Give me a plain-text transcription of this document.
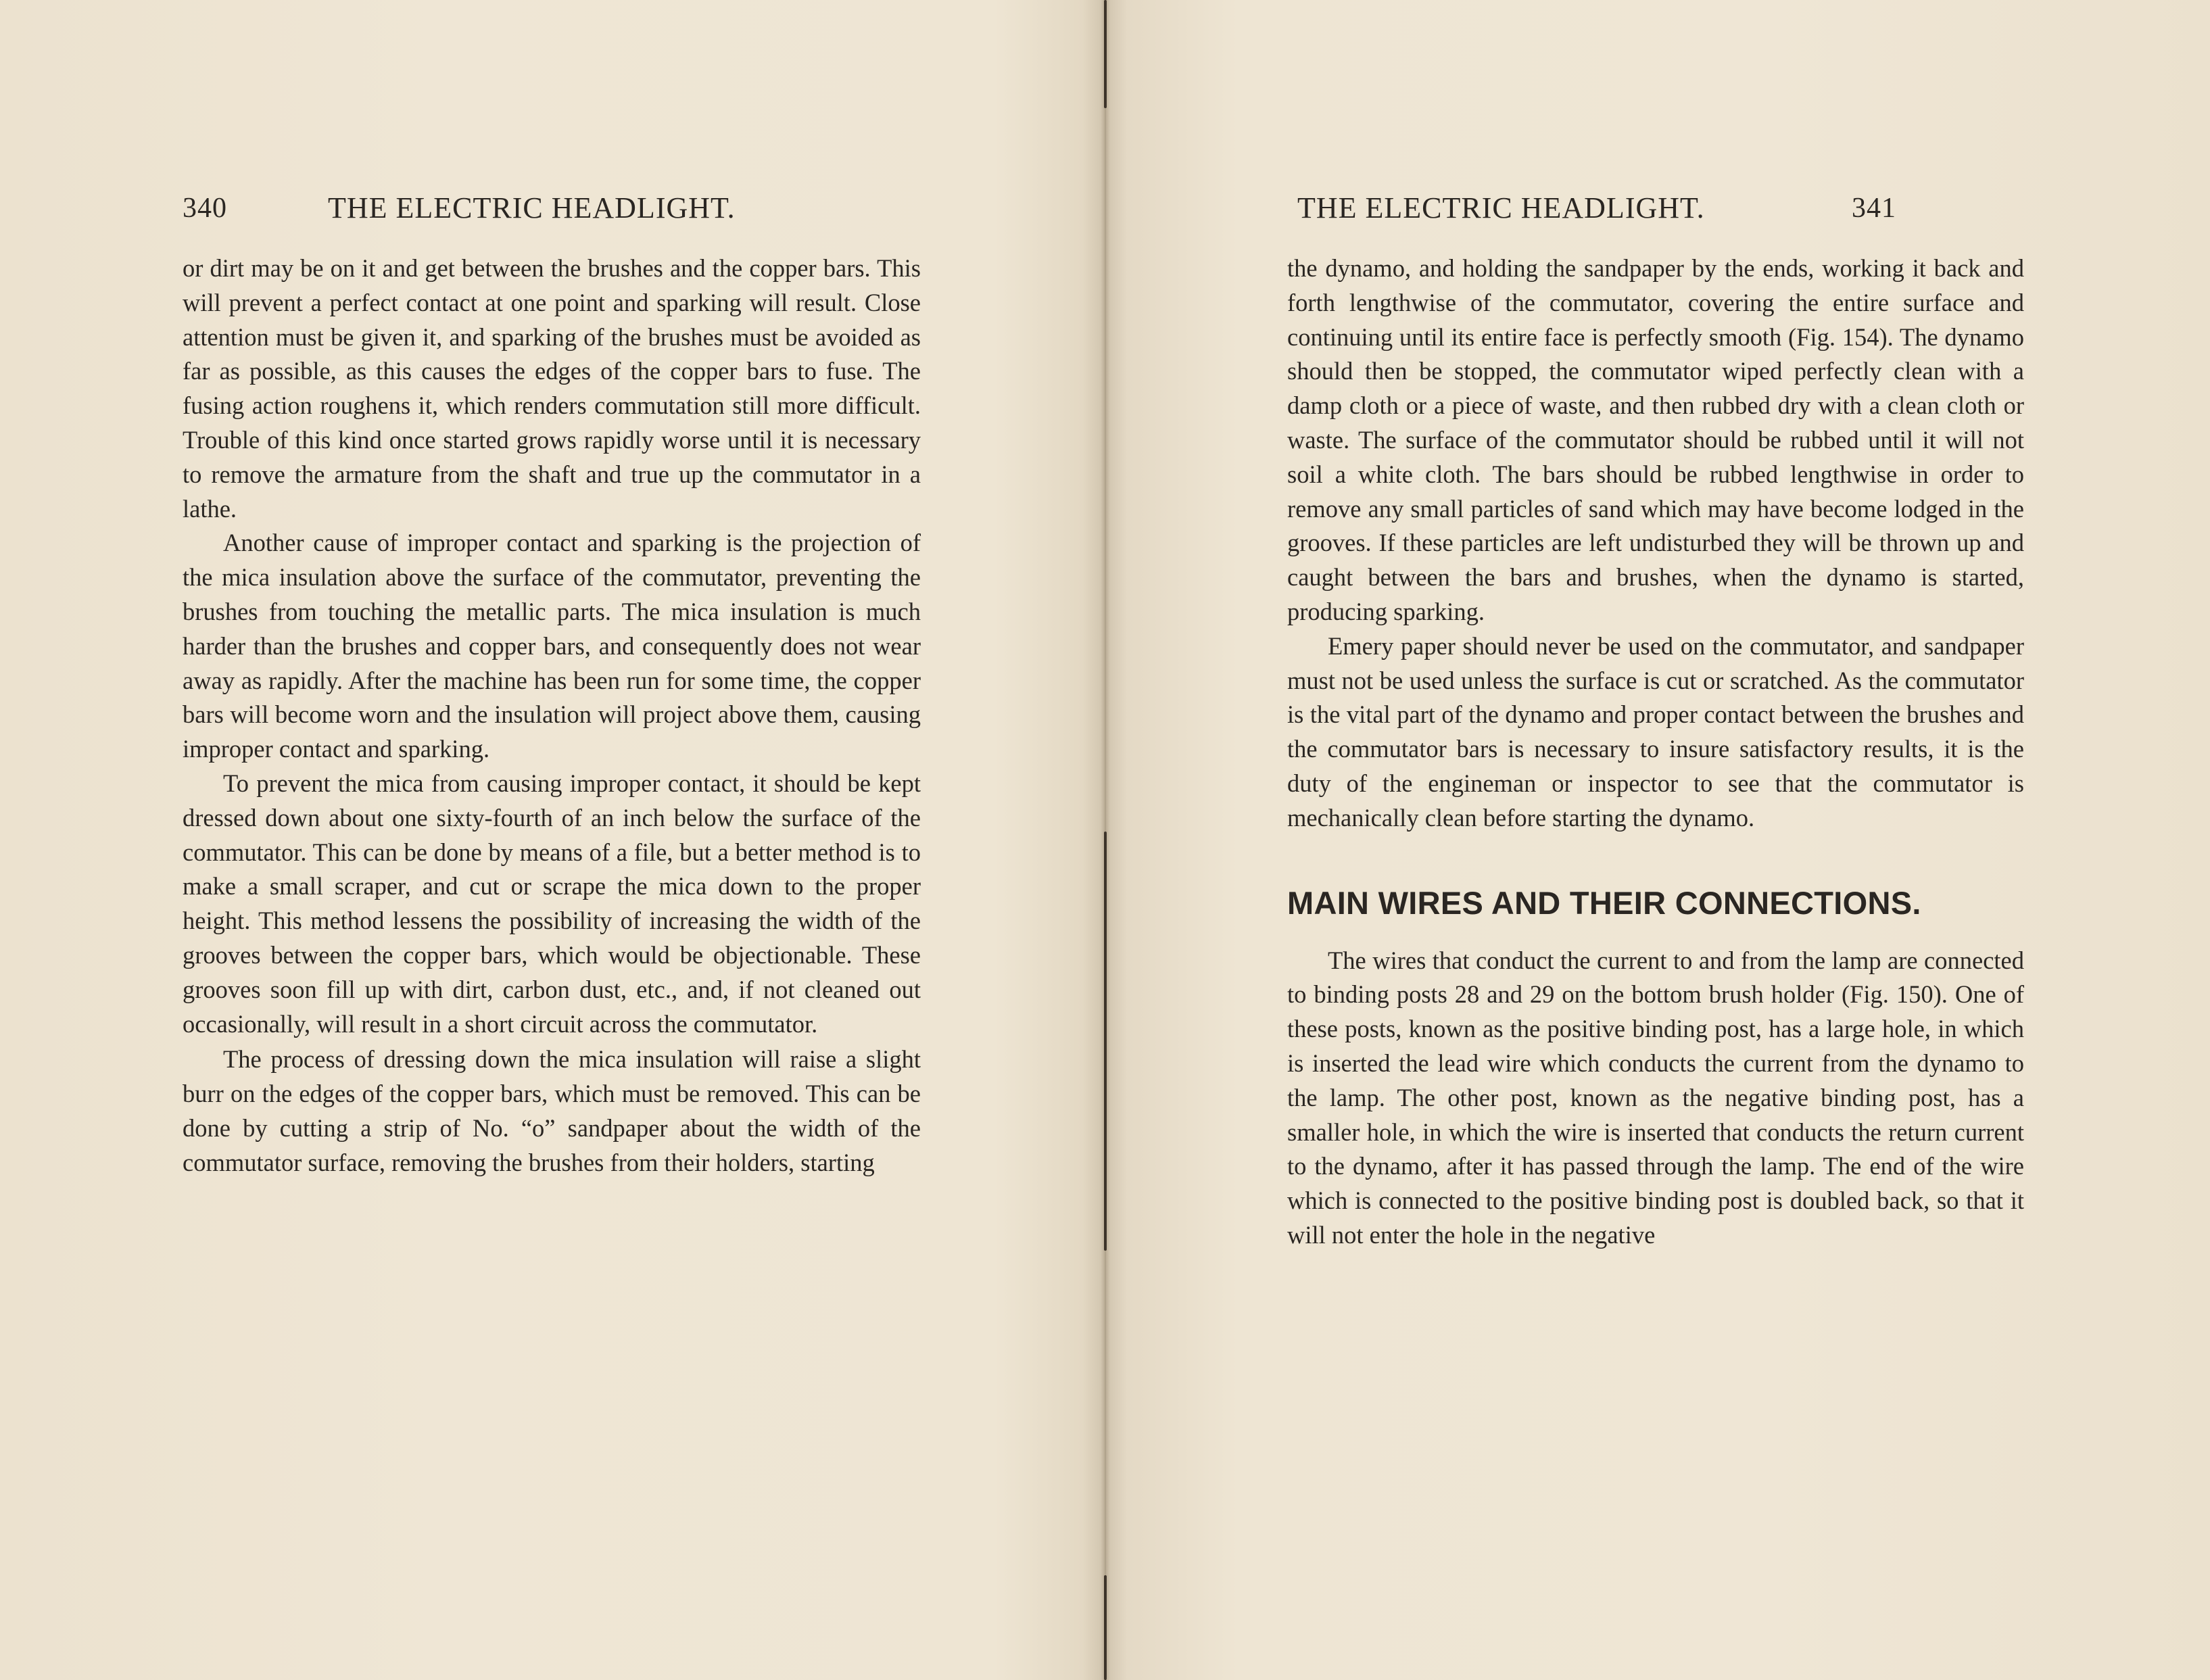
340	THE ELECTRIC HEADLIGHT.

or dirt may be on it and get between the brushes and the copper bars. This will prevent a perfect contact at one point and sparking will result. Close attention must be given it, and sparking of the brushes must be avoided as far as possible, as this causes the edges of the copper bars to fuse. The fusing action roughens it, which renders commutation still more difficult. Trouble of this kind once started grows rapidly worse until it is necessary to remove the armature from the shaft and true up the commutator in a lathe.

Another cause of improper contact and sparking is the projection of the mica insulation above the surface of the commutator, preventing the brushes from touching the metallic parts. The mica insulation is much harder than the brushes and copper bars, and consequently does not wear away as rapidly. After the machine has been run for some time, the copper bars will become worn and the insulation will project above them, causing improper contact and sparking.

To prevent the mica from causing improper contact, it should be kept dressed down about one sixty-fourth of an inch below the surface of the commutator. This can be done by means of a file, but a better method is to make a small scraper, and cut or scrape the mica down to the proper height. This method lessens the possibility of increasing the width of the grooves between the copper bars, which would be objectionable. These grooves soon fill up with dirt, carbon dust, etc., and, if not cleaned out occasionally, will result in a short circuit across the commutator.

The process of dressing down the mica insulation will raise a slight burr on the edges of the copper bars, which must be removed. This can be done by cutting a strip of No. “o” sandpaper about the width of the commutator surface, removing the brushes from their holders, starting

THE ELECTRIC HEADLIGHT.	341

the dynamo, and holding the sandpaper by the ends, working it back and forth lengthwise of the commutator, covering the entire surface and continuing until its entire face is perfectly smooth (Fig. 154). The dynamo should then be stopped, the commutator wiped perfectly clean with a damp cloth or a piece of waste, and then rubbed dry with a clean cloth or waste. The surface of the commutator should be rubbed until it will not soil a white cloth. The bars should be rubbed lengthwise in order to remove any small particles of sand which may have become lodged in the grooves. If these particles are left undisturbed they will be thrown up and caught between the bars and brushes, when the dynamo is started, producing sparking.

Emery paper should never be used on the commutator, and sandpaper must not be used unless the surface is cut or scratched. As the commutator is the vital part of the dynamo and proper contact between the brushes and the commutator bars is necessary to insure satisfactory results, it is the duty of the engineman or inspector to see that the commutator is mechanically clean before starting the dynamo.

MAIN WIRES AND THEIR CONNECTIONS.

The wires that conduct the current to and from the lamp are connected to binding posts 28 and 29 on the bottom brush holder (Fig. 150). One of these posts, known as the positive binding post, has a large hole, in which is inserted the lead wire which conducts the current from the dynamo to the lamp. The other post, known as the negative binding post, has a smaller hole, in which the wire is inserted that conducts the return current to the dynamo, after it has passed through the lamp. The end of the wire which is connected to the positive binding post is doubled back, so that it will not enter the hole in the negative
